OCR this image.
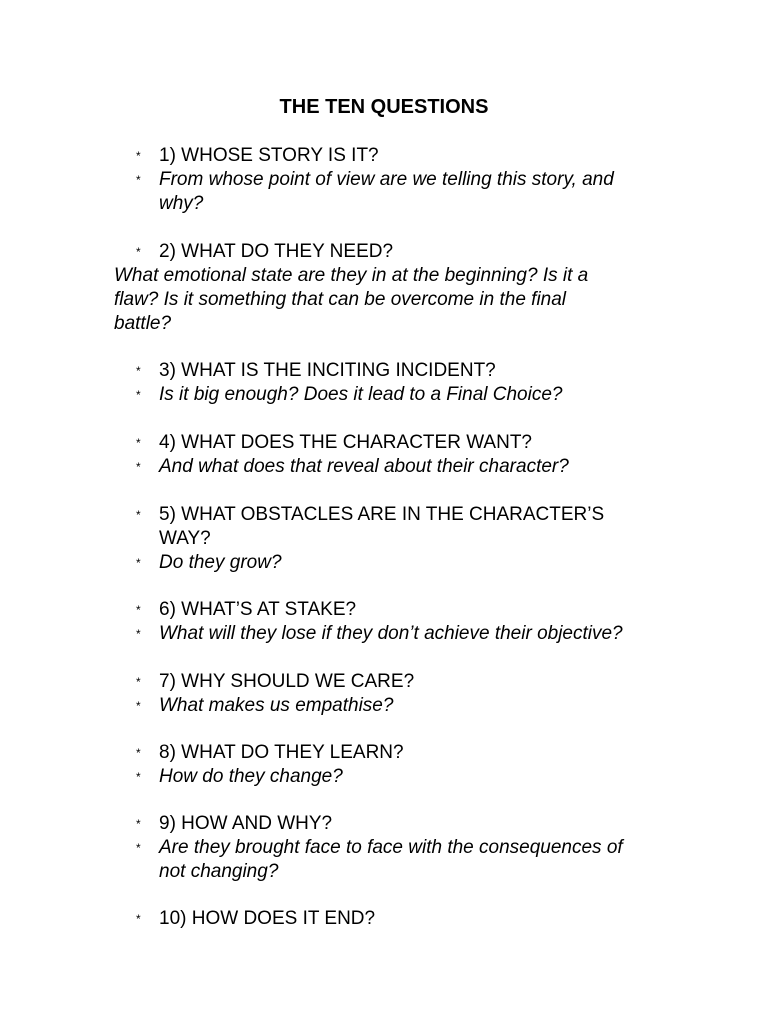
THE TEN QUESTIONS
* 1) WHOSE STORY IS IT?
* From whose point of view are we telling this story, and why?
* 2) WHAT DO THEY NEED?

What emotional state are they in at the beginning? Is it a flaw? Is it something that can be overcome in the final battle?

* 3) WHAT IS THE INCITING INCIDENT?
* Is it big enough? Does it lead to a Final Choice?
* 4) WHAT DOES THE CHARACTER WANT?
* And what does that reveal about their character?
* 5) WHAT OBSTACLES ARE IN THE CHARACTER’S WAY?
* Do they grow?
* 6) WHAT’S AT STAKE?
* What will they lose if they don’t achieve their objective?
* 7) WHY SHOULD WE CARE?
* What makes us empathise?
* 8) WHAT DO THEY LEARN?
* How do they change?
* 9) HOW AND WHY?
* Are they brought face to face with the consequences of not changing?
* 10) HOW DOES IT END?
